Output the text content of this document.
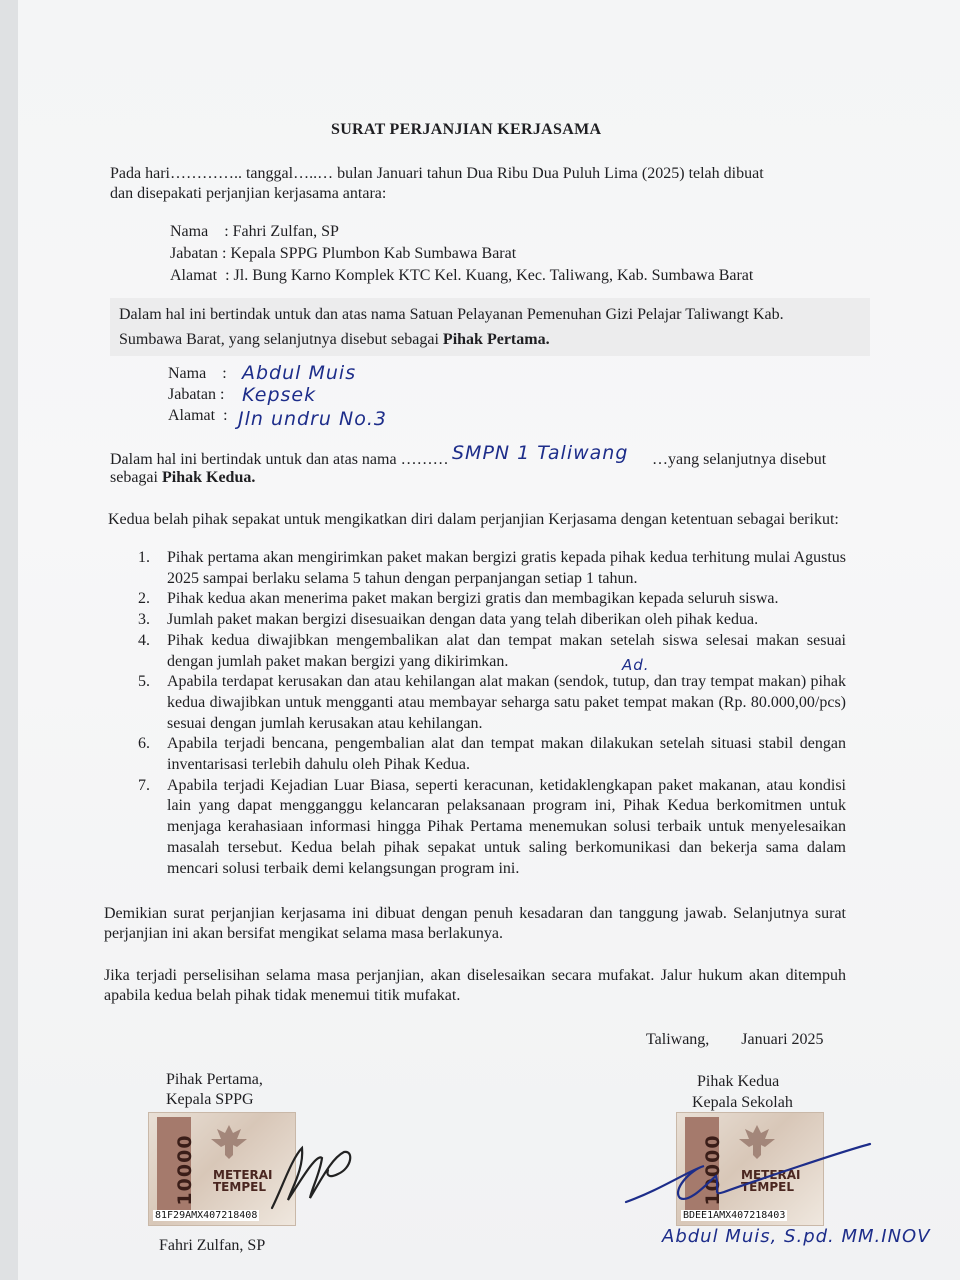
SURAT PERJANJIAN KERJASAMA
Pada hari………….. tanggal…..… bulan Januari tahun Dua Ribu Dua Puluh Lima (2025) telah dibuat
dan disepakati perjanjian kerjasama antara:
Nama    : Fahri Zulfan, SP
Jabatan : Kepala SPPG Plumbon Kab Sumbawa Barat
Alamat  : Jl. Bung Karno Komplek KTC Kel. Kuang, Kec. Taliwang, Kab. Sumbawa Barat
Dalam hal ini bertindak untuk dan atas nama Satuan Pelayanan Pemenuhan Gizi Pelajar Taliwangt Kab.
Sumbawa Barat, yang selanjutnya disebut sebagai Pihak Pertama.
Nama    :
Jabatan :
Alamat  :
Abdul Muis
Kepsek
Jln undru No.3
Dalam hal ini bertindak untuk dan atas nama ……… SMPN 1 Taliwang …yang selanjutnya disebut
sebagai Pihak Kedua.
Kedua belah pihak sepakat untuk mengikatkan diri dalam perjanjian Kerjasama dengan ketentuan sebagai berikut:
1. Pihak pertama akan mengirimkan paket makan bergizi gratis kepada pihak kedua terhitung mulai Agustus 2025 sampai berlaku selama 5 tahun dengan perpanjangan setiap 1 tahun.
2. Pihak kedua akan menerima paket makan bergizi gratis dan membagikan kepada seluruh siswa.
3. Jumlah paket makan bergizi disesuaikan dengan data yang telah diberikan oleh pihak kedua.
4. Pihak kedua diwajibkan mengembalikan alat dan tempat makan setelah siswa selesai makan sesuai dengan jumlah paket makan bergizi yang dikirimkan.
5. Apabila terdapat kerusakan dan atau kehilangan alat makan (sendok, tutup, dan tray tempat makan) pihak kedua diwajibkan untuk mengganti atau membayar seharga satu paket tempat makan (Rp. 80.000,00/pcs) sesuai dengan jumlah kerusakan atau kehilangan.
6. Apabila terjadi bencana, pengembalian alat dan tempat makan dilakukan setelah situasi stabil dengan inventarisasi terlebih dahulu oleh Pihak Kedua.
7. Apabila terjadi Kejadian Luar Biasa, seperti keracunan, ketidaklengkapan paket makanan, atau kondisi lain yang dapat mengganggu kelancaran pelaksanaan program ini, Pihak Kedua berkomitmen untuk menjaga kerahasiaan informasi hingga Pihak Pertama menemukan solusi terbaik untuk menyelesaikan masalah tersebut. Kedua belah pihak sepakat untuk saling berkomunikasi dan bekerja sama dalam mencari solusi terbaik demi kelangsungan program ini.
Ad.
Demikian surat perjanjian kerjasama ini dibuat dengan penuh kesadaran dan tanggung jawab. Selanjutnya surat perjanjian ini akan bersifat mengikat selama masa berlakunya.
Jika terjadi perselisihan selama masa perjanjian, akan diselesaikan secara mufakat. Jalur hukum akan ditempuh apabila kedua belah pihak tidak menemui titik mufakat.
Taliwang,        Januari 2025
Pihak Pertama,
Kepala SPPG
10000 METERAI
TEMPEL
81F29AMX407218408
Fahri Zulfan, SP
Pihak Kedua
Kepala Sekolah
10000 METERAI
TEMPEL
BDEE1AMX407218403
Abdul Muis, S.pd. MM.INOV
